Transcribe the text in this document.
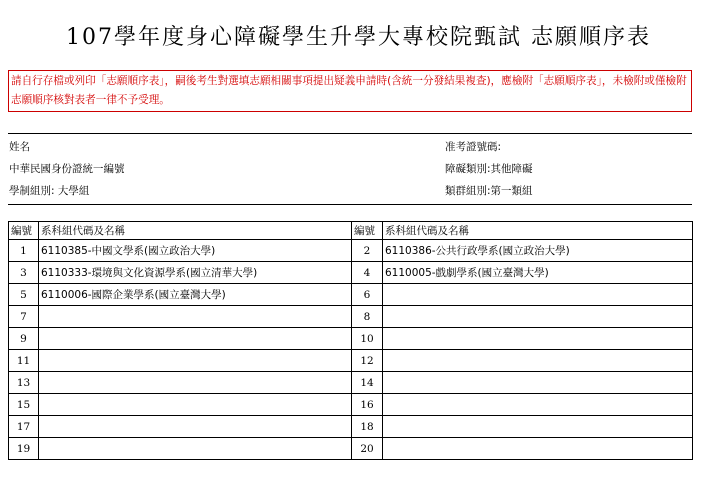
107學年度身心障礙學生升學大專校院甄試 志願順序表
請自行存檔或列印「志願順序表」，嗣後考生對選填志願相關事項提出疑義申請時(含統一分發結果複查)，應檢附「志願順序表」，未檢附或僅檢附志願順序核對表者一律不予受理。
姓名	准考證號碼:
中華民國身份證統一編號	障礙類別:其他障礙
學制組別: 大學組	類群組別:第一類組
編號	系科組代碼及名稱	編號	系科組代碼及名稱
1	6110385-中國文學系(國立政治大學)	2	6110386-公共行政學系(國立政治大學)
3	6110333-環境與文化資源學系(國立清華大學)	4	6110005-戲劇學系(國立臺灣大學)
5	6110006-國際企業學系(國立臺灣大學)	6	
7		8	
9		10	
11		12	
13		14	
15		16	
17		18	
19		20	
